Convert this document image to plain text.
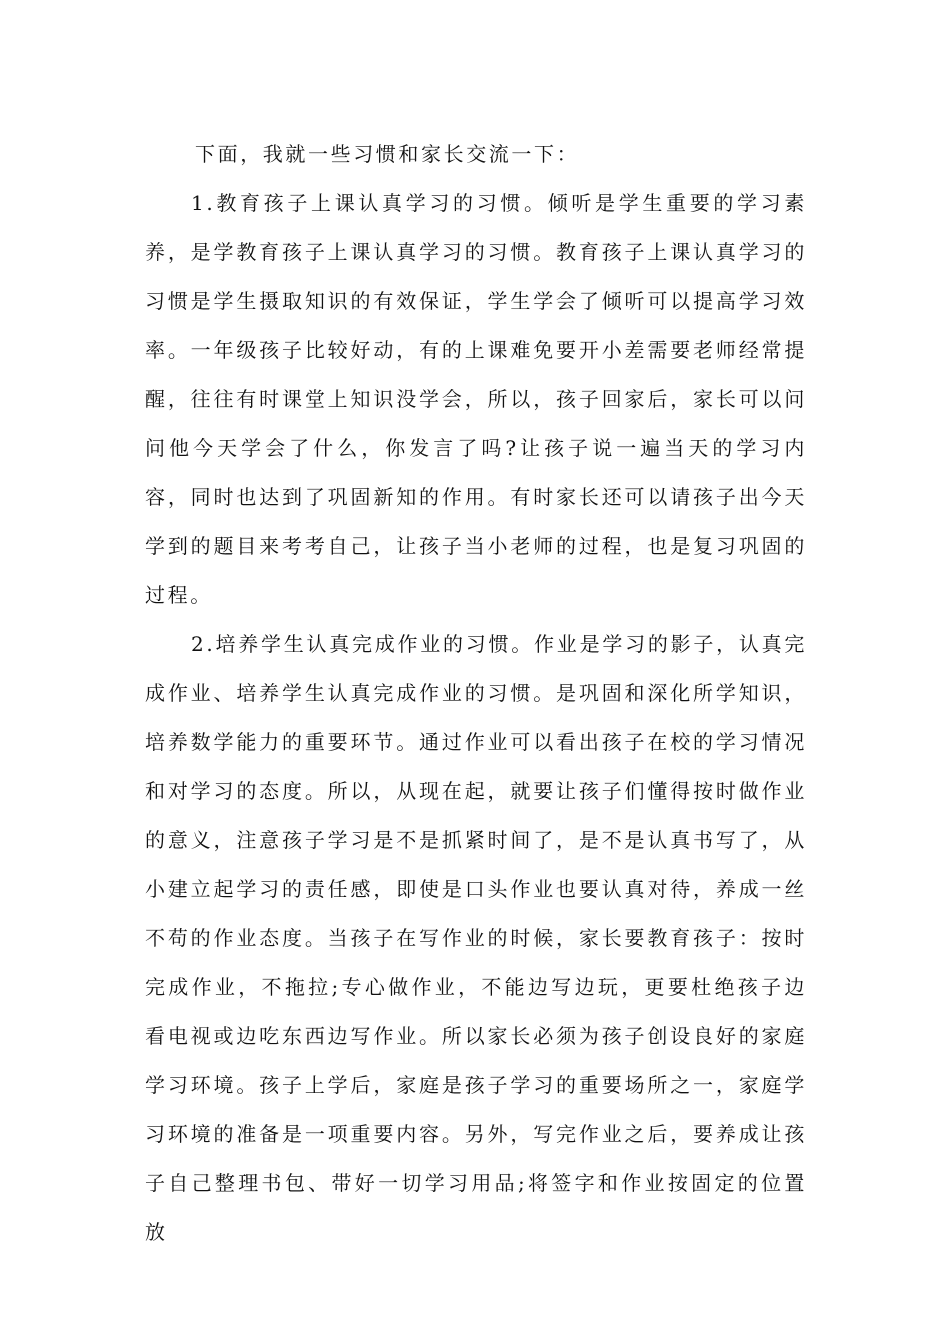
下面，我就一些习惯和家长交流一下：

1.教育孩子上课认真学习的习惯。倾听是学生重要的学习素养，是学教育孩子上课认真学习的习惯。教育孩子上课认真学习的习惯是学生摄取知识的有效保证，学生学会了倾听可以提高学习效率。一年级孩子比较好动，有的上课难免要开小差需要老师经常提醒，往往有时课堂上知识没学会，所以，孩子回家后，家长可以问问他今天学会了什么，你发言了吗?让孩子说一遍当天的学习内容，同时也达到了巩固新知的作用。有时家长还可以请孩子出今天学到的题目来考考自己，让孩子当小老师的过程，也是复习巩固的过程。

2.培养学生认真完成作业的习惯。作业是学习的影子，认真完成作业、培养学生认真完成作业的习惯。是巩固和深化所学知识，培养数学能力的重要环节。通过作业可以看出孩子在校的学习情况和对学习的态度。所以，从现在起，就要让孩子们懂得按时做作业的意义，注意孩子学习是不是抓紧时间了，是不是认真书写了，从小建立起学习的责任感，即使是口头作业也要认真对待，养成一丝不苟的作业态度。当孩子在写作业的时候，家长要教育孩子：按时完成作业，不拖拉;专心做作业，不能边写边玩，更要杜绝孩子边看电视或边吃东西边写作业。所以家长必须为孩子创设良好的家庭学习环境。孩子上学后，家庭是孩子学习的重要场所之一，家庭学习环境的准备是一项重要内容。另外，写完作业之后，要养成让孩子自己整理书包、带好一切学习用品;将签字和作业按固定的位置放
